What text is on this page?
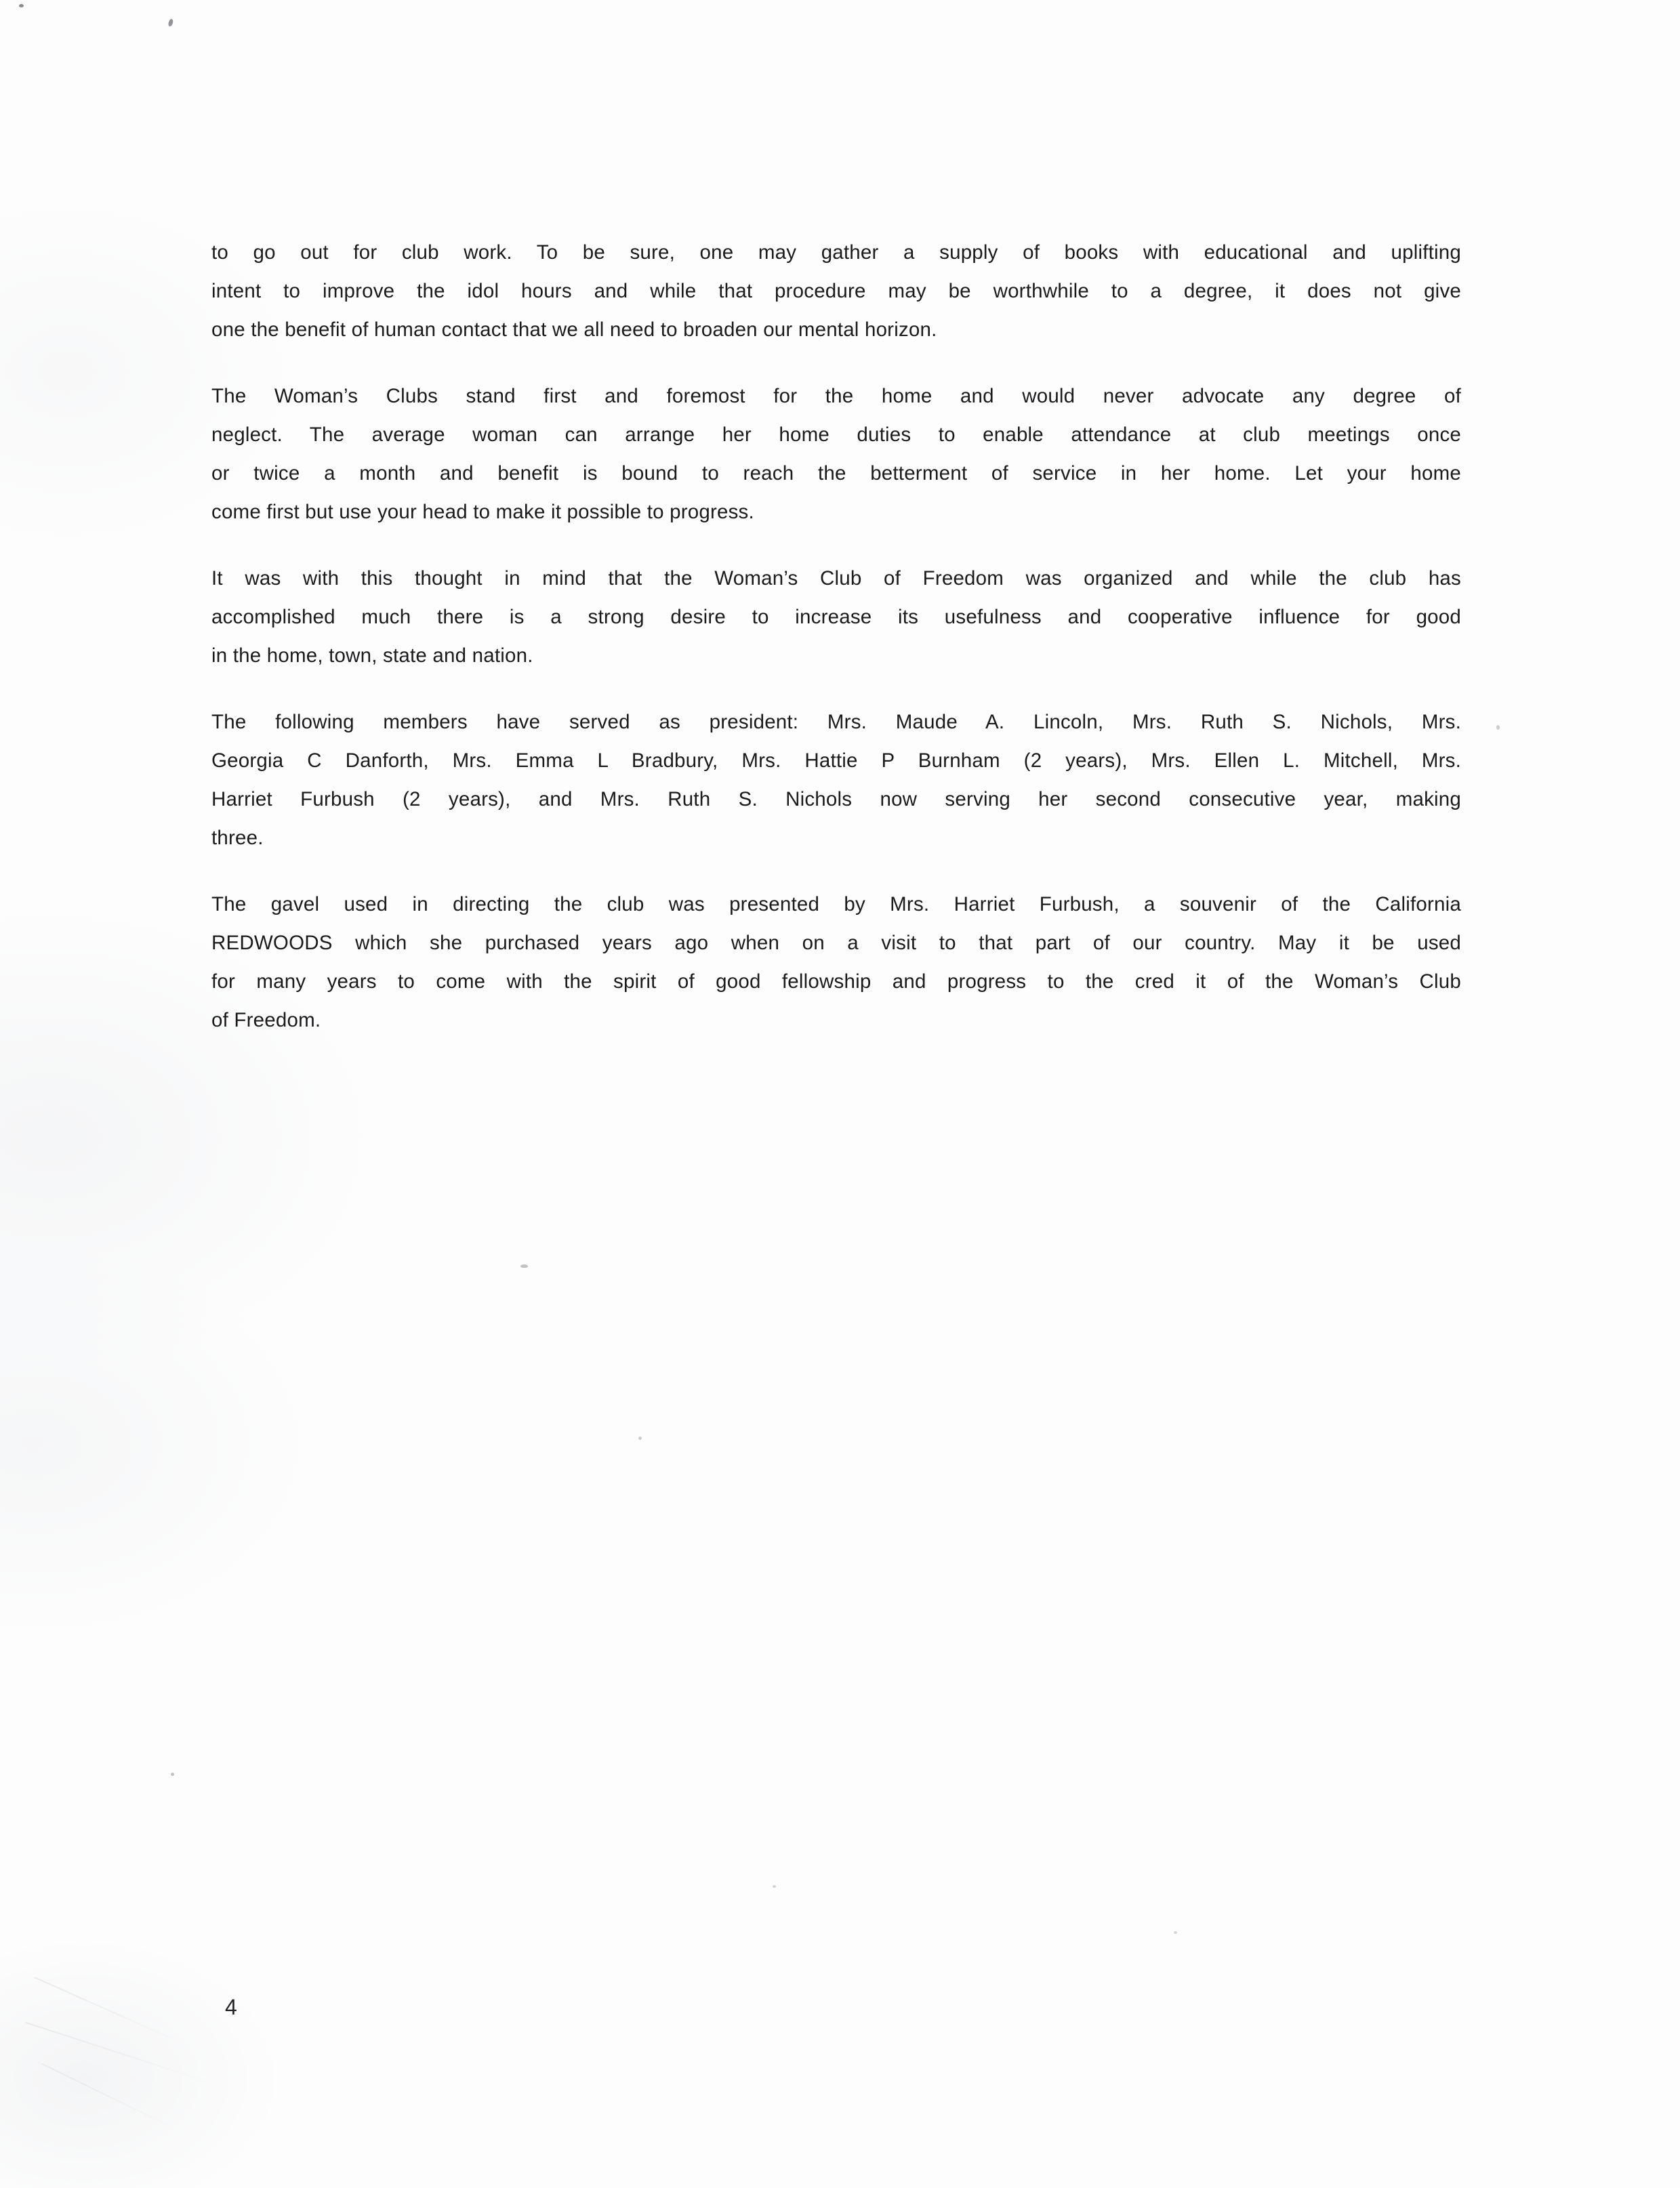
to go out for club work. To be sure, one may gather a supply of books with educational and uplifting
intent to improve the idol hours and while that procedure may be worthwhile to a degree, it does not give
one the benefit of human contact that we all need to broaden our mental horizon.
The Woman’s Clubs stand first and foremost for the home and would never advocate any degree of
neglect. The average woman can arrange her home duties to enable attendance at club meetings once
or twice a month and benefit is bound to reach the betterment of service in her home. Let your home
come first but use your head to make it possible to progress.
It was with this thought in mind that the Woman’s Club of Freedom was organized and while the club has
accomplished much there is a strong desire to increase its usefulness and cooperative influence for good
in the home, town, state and nation.
The following members have served as president: Mrs. Maude A. Lincoln, Mrs. Ruth S. Nichols, Mrs.
Georgia C Danforth, Mrs. Emma L Bradbury, Mrs. Hattie P Burnham (2 years), Mrs. Ellen L. Mitchell, Mrs.
Harriet Furbush (2 years), and Mrs. Ruth S. Nichols now serving her second consecutive year, making
three.
The gavel used in directing the club was presented by Mrs. Harriet Furbush, a souvenir of the California
REDWOODS which she purchased years ago when on a visit to that part of our country. May it be used
for many years to come with the spirit of good fellowship and progress to the cred it of the Woman’s Club
of Freedom.
4
